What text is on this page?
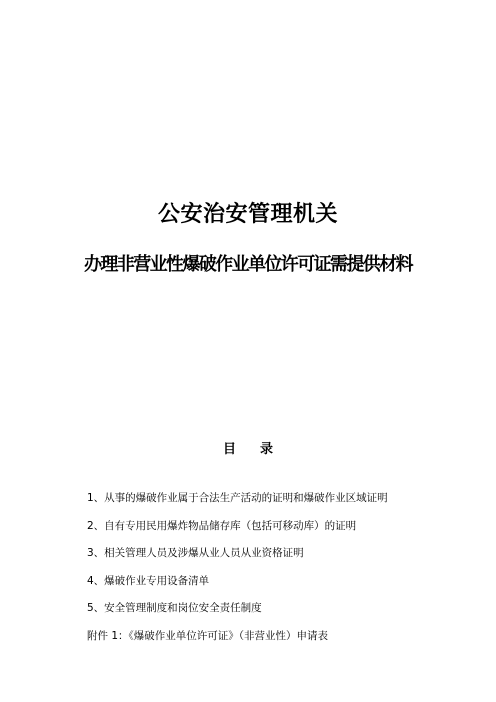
公安治安管理机关
办理非营业性爆破作业单位许可证需提供材料
目 录
1、从事的爆破作业属于合法生产活动的证明和爆破作业区域证明
2、自有专用民用爆炸物品储存库（包括可移动库）的证明
3、相关管理人员及涉爆从业人员从业资格证明
4、爆破作业专用设备清单
5、安全管理制度和岗位安全责任制度
附件 1：《爆破作业单位许可证》（非营业性）申请表
